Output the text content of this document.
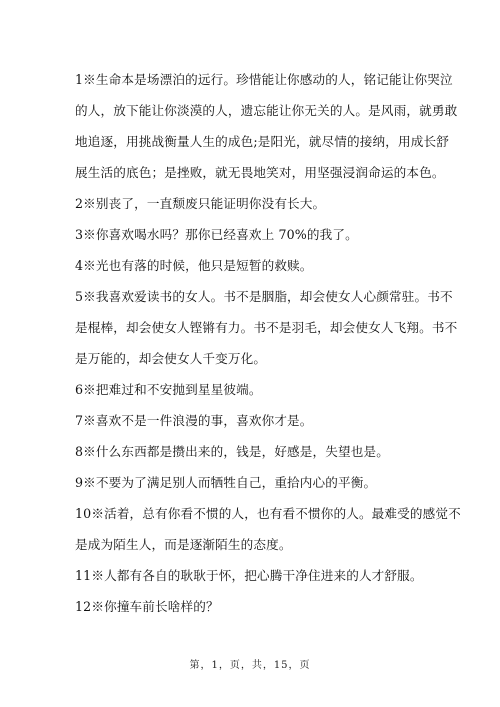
1※生命本是场漂泊的远行。珍惜能让你感动的人，铭记能让你哭泣
的人，放下能让你淡漠的人，遗忘能让你无关的人。是风雨，就勇敢
地追逐，用挑战衡量人生的成色;是阳光，就尽情的接纳，用成长舒
展生活的底色；是挫败，就无畏地笑对，用坚强浸润命运的本色。

2※别丧了，一直颓废只能证明你没有长大。

3※你喜欢喝水吗？那你已经喜欢上 70%的我了。

4※光也有落的时候，他只是短暂的救赎。

5※我喜欢爱读书的女人。书不是胭脂，却会使女人心颜常驻。书不
是棍棒，却会使女人铿锵有力。书不是羽毛，却会使女人飞翔。书不
是万能的，却会使女人千变万化。

6※把难过和不安抛到星星彼端。

7※喜欢不是一件浪漫的事，喜欢你才是。

8※什么东西都是攒出来的，钱是，好感是，失望也是。

9※不要为了满足别人而牺牲自己，重拾内心的平衡。

10※活着，总有你看不惯的人，也有看不惯你的人。最难受的感觉不
是成为陌生人，而是逐渐陌生的态度。

11※人都有各自的耿耿于怀，把心腾干净住进来的人才舒服。

12※你撞车前长啥样的？

第，1，页，共，15，页
